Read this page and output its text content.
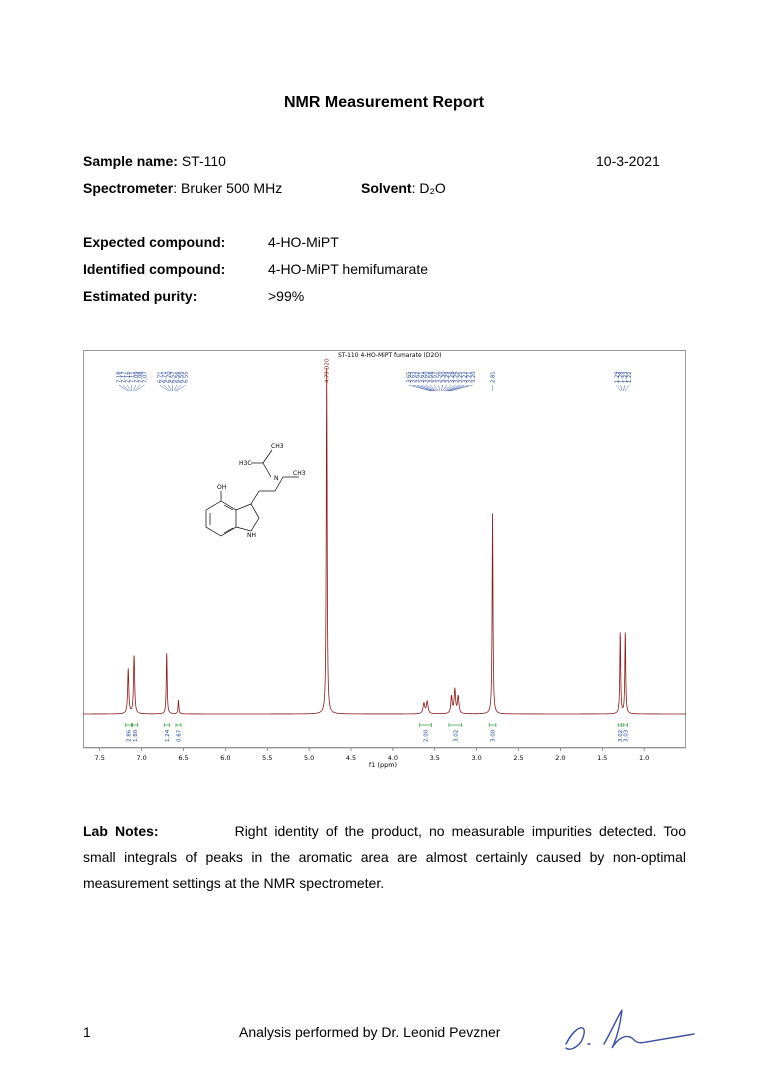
NMR Measurement Report
Sample name: ST-110	10-3-2021
Spectrometer: Bruker 500 MHz	Solvent: D₂O
Expected compound:	4-HO-MiPT
Identified compound:	4-HO-MiPT hemifumarate
Estimated purity:	>99%
ST-110 4-HO-MiPT fumarate (D2O)
7.18
7.17
7.16
7.11
7.09
7.08
7.07 6.71
6.71
6.70
6.57
6.56
6.55
6.55	4.79 D2O	3.65
3.63
3.62
3.61
3.60
3.58
3.57
3.56
3.30
3.29
3.28
3.26
3.25
3.23
3.21
3.20	2.81	1.29
1.28
1.23
1.22
2.86 1.80	1.24 0.67	2.00	3.02	3.00	3.02 3.03
7.5	7.0	6.5	6.0	5.5	5.0	4.5	4.0	3.5	3.0	2.5	2.0	1.5	1.0
f1 (ppm)
OH
NH
CH3
H3C
N
CH3
Lab Notes:	Right identity of the product, no measurable impurities detected. Too small integrals of peaks in the aromatic area are almost certainly caused by non-optimal measurement settings at the NMR spectrometer.
1	Analysis performed by Dr. Leonid Pevzner
